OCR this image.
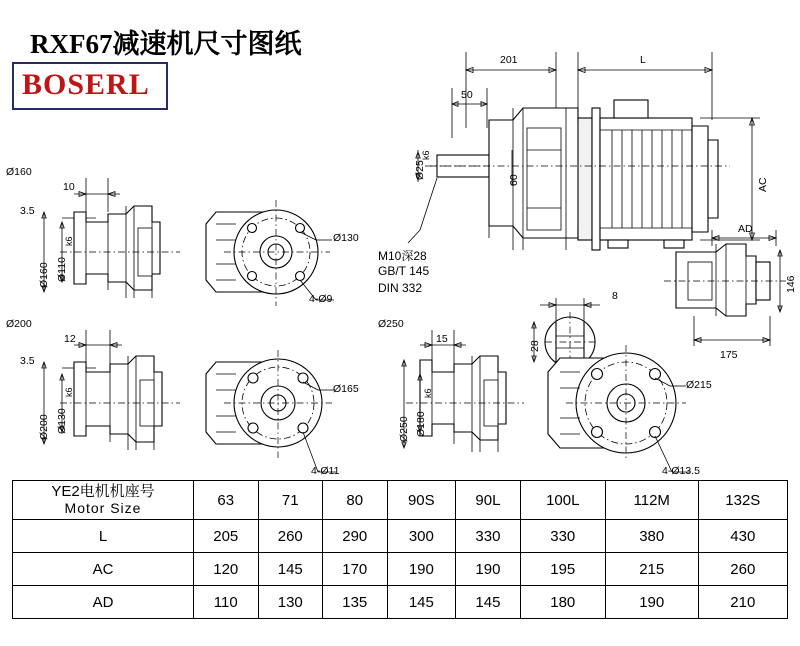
RXF67减速机尺寸图纸
BOSERL
201	L
50
Ø25
k6
60	AC
M10深28
GB/T 145
DIN 332
8
28
AD
146
175
Ø160
10
3.5
Ø160 Ø110
k6	Ø130
4-Ø9
Ø200
12
3.5
Ø200 Ø130
k6	Ø165
4-Ø11
Ø250
15
Ø250 Ø180
k6
Ø215
4-Ø13.5
YE2电机机座号
Motor Size	63	71	80	90S	90L	100L	112M	132S
L	205	260	290	300	330	330	380	430
AC	120	145	170	190	190	195	215	260
AD	110	130	135	145	145	180	190	210
